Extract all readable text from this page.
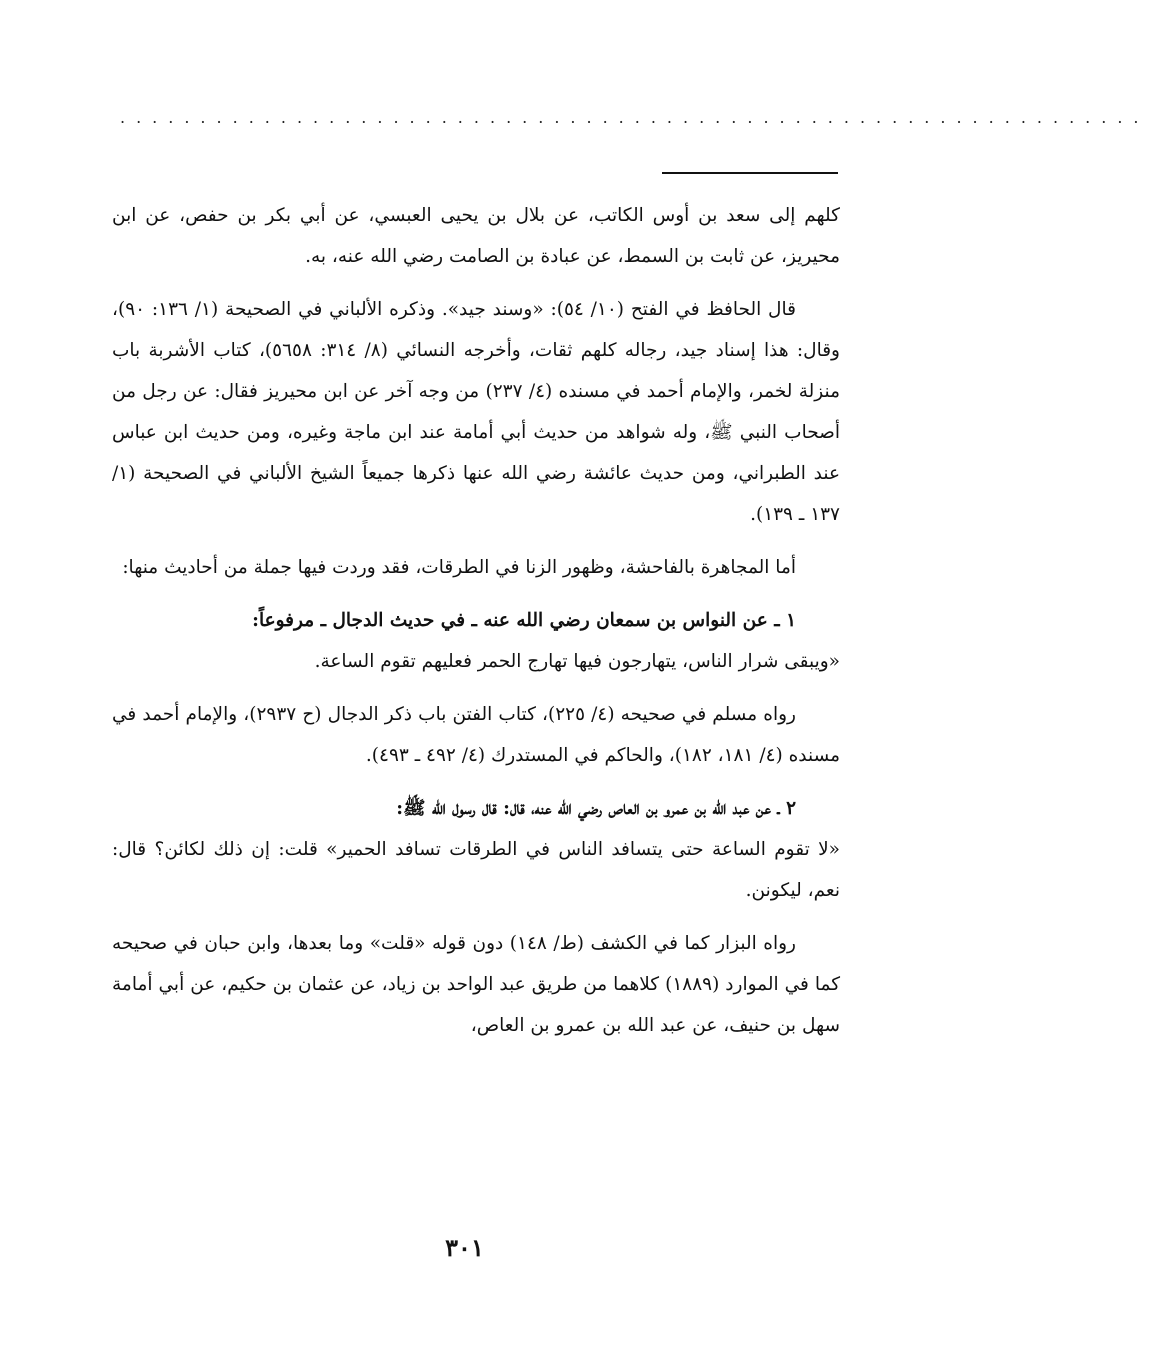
................................................................

كلهم إلى سعد بن أوس الكاتب، عن بلال بن يحيى العبسي، عن أبي بكر بن حفص، عن ابن محيريز، عن ثابت بن السمط، عن عبادة بن الصامت رضي الله عنه، به.

قال الحافظ في الفتح (١٠/ ٥٤): «وسند جيد». وذكره الألباني في الصحيحة (١/ ١٣٦: ٩٠)، وقال: هذا إسناد جيد، رجاله كلهم ثقات، وأخرجه النسائي (٨/ ٣١٤: ٥٦٥٨)، كتاب الأشربة باب منزلة لخمر، والإمام أحمد في مسنده (٤/ ٢٣٧) من وجه آخر عن ابن محيريز فقال: عن رجل من أصحاب النبي ﷺ، وله شواهد من حديث أبي أمامة عند ابن ماجة وغيره، ومن حديث ابن عباس عند الطبراني، ومن حديث عائشة رضي الله عنها ذكرها جميعاً الشيخ الألباني في الصحيحة (١/ ١٣٧ ـ ١٣٩).

أما المجاهرة بالفاحشة، وظهور الزنا في الطرقات، فقد وردت فيها جملة من أحاديث منها:

١ ـ عن النواس بن سمعان رضي الله عنه ـ في حديث الدجال ـ مرفوعاً:
«ويبقى شرار الناس، يتهارجون فيها تهارج الحمر فعليهم تقوم الساعة.

رواه مسلم في صحيحه (٤/ ٢٢٥)، كتاب الفتن باب ذكر الدجال (ح ٢٩٣٧)، والإمام أحمد في مسنده (٤/ ١٨١، ١٨٢)، والحاكم في المستدرك (٤/ ٤٩٢ ـ ٤٩٣).

٢ ـ عن عبد الله بن عمرو بن العاص رضي الله عنه، قال: قال رسول الله ﷺ:
«لا تقوم الساعة حتى يتسافد الناس في الطرقات تسافد الحمير» قلت: إن ذلك لكائن؟ قال: نعم، ليكونن.

رواه البزار كما في الكشف (ط/ ١٤٨) دون قوله «قلت» وما بعدها، وابن حبان في صحيحه كما في الموارد (١٨٨٩) كلاهما من طريق عبد الواحد بن زياد، عن عثمان بن حكيم، عن أبي أمامة سهل بن حنيف، عن عبد الله بن عمرو بن العاص،

٣٠١
